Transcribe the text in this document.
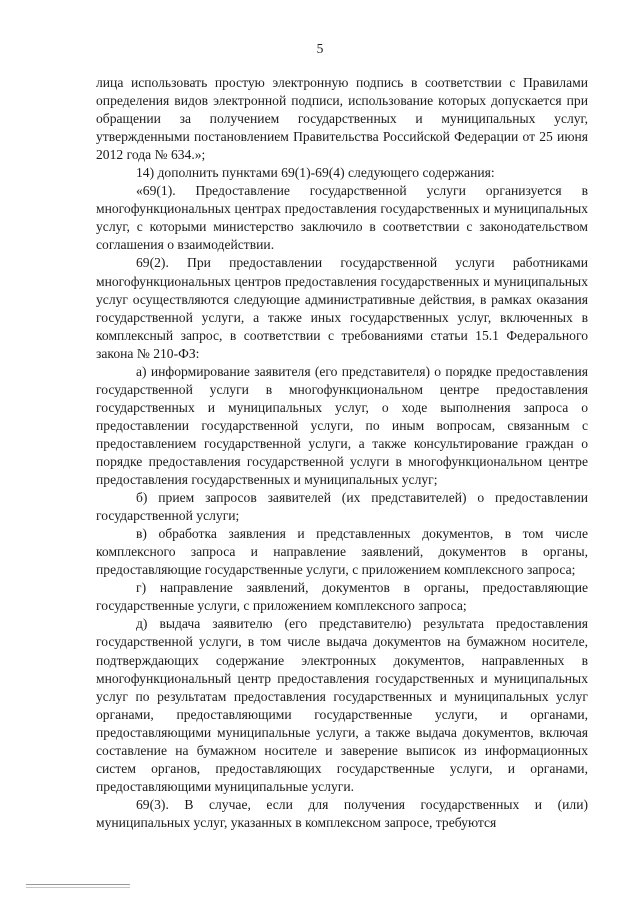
5

лица использовать простую электронную подпись в соответствии с Правилами определения видов электронной подписи, использование которых допускается при обращении за получением государственных и муниципальных услуг, утвержденными постановлением Правительства Российской Федерации от 25 июня 2012 года № 634.»;

14) дополнить пунктами 69(1)-69(4) следующего содержания:

«69(1). Предоставление государственной услуги организуется в многофункциональных центрах предоставления государственных и муниципальных услуг, с которыми министерство заключило в соответствии с законодательством соглашения о взаимодействии.

69(2). При предоставлении государственной услуги работниками многофункциональных центров предоставления государственных и муниципальных услуг осуществляются следующие административные действия, в рамках оказания государственной услуги, а также иных государственных услуг, включенных в комплексный запрос, в соответствии с требованиями статьи 15.1 Федерального закона № 210-ФЗ:

а) информирование заявителя (его представителя) о порядке предоставления государственной услуги в многофункциональном центре предоставления государственных и муниципальных услуг, о ходе выполнения запроса о предоставлении государственной услуги, по иным вопросам, связанным с предоставлением государственной услуги, а также консультирование граждан о порядке предоставления государственной услуги в многофункциональном центре предоставления государственных и муниципальных услуг;

б) прием запросов заявителей (их представителей) о предоставлении государственной услуги;

в) обработка заявления и представленных документов, в том числе комплексного запроса и направление заявлений, документов в органы, предоставляющие государственные услуги, с приложением комплексного запроса;

г) направление заявлений, документов в органы, предоставляющие государственные услуги, с приложением комплексного запроса;

д) выдача заявителю (его представителю) результата предоставления государственной услуги, в том числе выдача документов на бумажном носителе, подтверждающих содержание электронных документов, направленных в многофункциональный центр предоставления государственных и муниципальных услуг по результатам предоставления государственных и муниципальных услуг органами, предоставляющими государственные услуги, и органами, предоставляющими муниципальные услуги, а также выдача документов, включая составление на бумажном носителе и заверение выписок из информационных систем органов, предоставляющих государственные услуги, и органами, предоставляющими муниципальные услуги.

69(3). В случае, если для получения государственных и (или) муниципальных услуг, указанных в комплексном запросе, требуются
